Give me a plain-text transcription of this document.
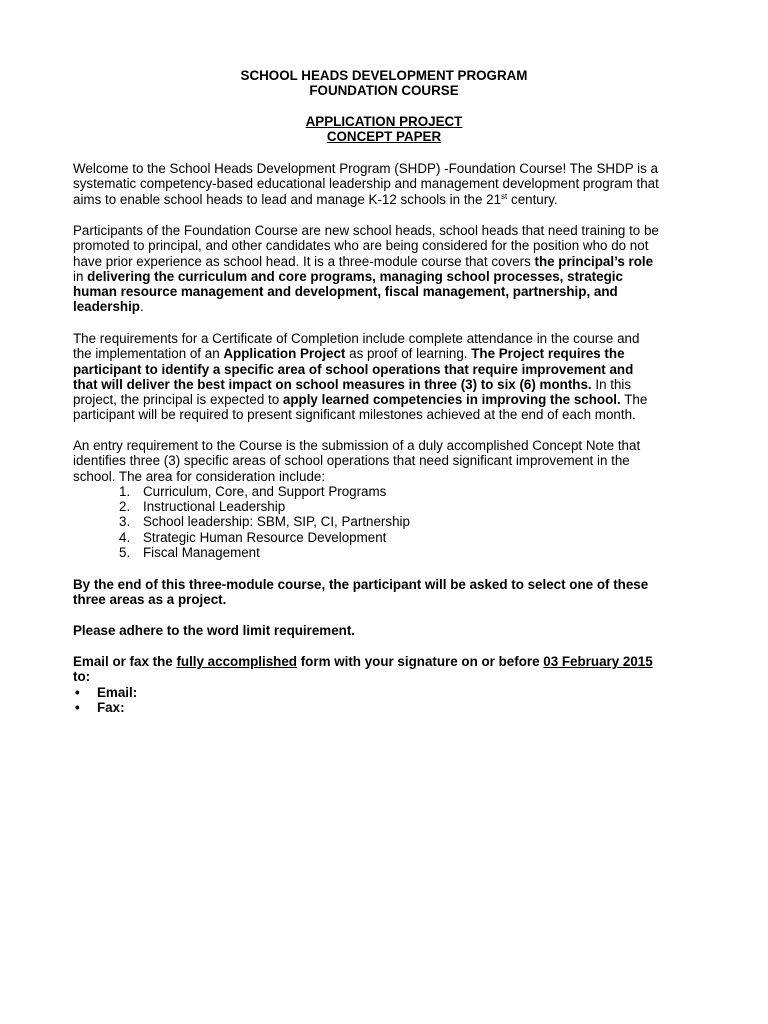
SCHOOL HEADS DEVELOPMENT PROGRAM
FOUNDATION COURSE
APPLICATION PROJECT
CONCEPT PAPER
Welcome to the School Heads Development Program (SHDP) -Foundation Course! The SHDP is a
systematic competency-based educational leadership and management development program that
aims to enable school heads to lead and manage K-12 schools in the 21st century.
Participants of the Foundation Course are new school heads, school heads that need training to be
promoted to principal, and other candidates who are being considered for the position who do not
have prior experience as school head. It is a three-module course that covers the principal’s role
in delivering the curriculum and core programs, managing school processes, strategic
human resource management and development, fiscal management, partnership, and
leadership.
The requirements for a Certificate of Completion include complete attendance in the course and
the implementation of an Application Project as proof of learning. The Project requires the
participant to identify a specific area of school operations that require improvement and
that will deliver the best impact on school measures in three (3) to six (6) months. In this
project, the principal is expected to apply learned competencies in improving the school. The
participant will be required to present significant milestones achieved at the end of each month.
An entry requirement to the Course is the submission of a duly accomplished Concept Note that
identifies three (3) specific areas of school operations that need significant improvement in the
school. The area for consideration include:
1. Curriculum, Core, and Support Programs
2. Instructional Leadership
3. School leadership: SBM, SIP, CI, Partnership
4. Strategic Human Resource Development
5. Fiscal Management
By the end of this three-module course, the participant will be asked to select one of these
three areas as a project.
Please adhere to the word limit requirement.
Email or fax the fully accomplished form with your signature on or before 03 February 2015
to:
• Email:
• Fax:
